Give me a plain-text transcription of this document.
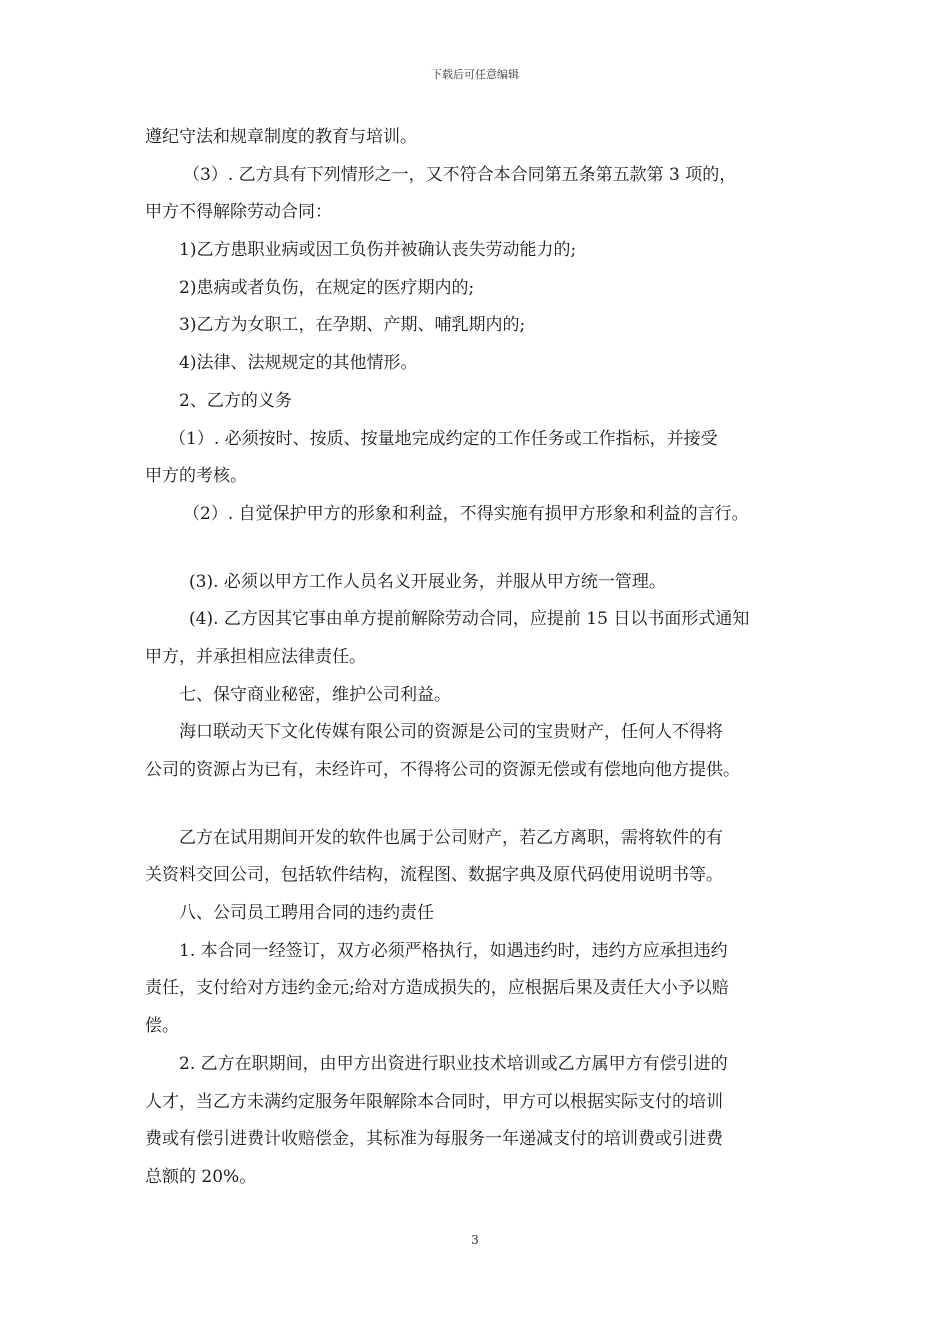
下载后可任意编辑
遵纪守法和规章制度的教育与培训。
（3）. 乙方具有下列情形之一，又不符合本合同第五条第五款第 3 项的，
甲方不得解除劳动合同：
1)乙方患职业病或因工负伤并被确认丧失劳动能力的;
2)患病或者负伤，在规定的医疗期内的;
3)乙方为女职工，在孕期、产期、哺乳期内的;
4)法律、法规规定的其他情形。
2、乙方的义务
（1）. 必须按时、按质、按量地完成约定的工作任务或工作指标，并接受
甲方的考核。
（2）. 自觉保护甲方的形象和利益，不得实施有损甲方形象和利益的言行。
(3). 必须以甲方工作人员名义开展业务，并服从甲方统一管理。
(4). 乙方因其它事由单方提前解除劳动合同，应提前 15 日以书面形式通知
甲方，并承担相应法律责任。
七、保守商业秘密，维护公司利益。
海口联动天下文化传媒有限公司的资源是公司的宝贵财产，任何人不得将
公司的资源占为已有，未经许可，不得将公司的资源无偿或有偿地向他方提供。
乙方在试用期间开发的软件也属于公司财产，若乙方离职，需将软件的有
关资料交回公司，包括软件结构，流程图、数据字典及原代码使用说明书等。
八、公司员工聘用合同的违约责任
1. 本合同一经签订，双方必须严格执行，如遇违约时，违约方应承担违约
责任，支付给对方违约金元;给对方造成损失的，应根据后果及责任大小予以赔
偿。
2. 乙方在职期间，由甲方出资进行职业技术培训或乙方属甲方有偿引进的
人才，当乙方未满约定服务年限解除本合同时，甲方可以根据实际支付的培训
费或有偿引进费计收赔偿金，其标准为每服务一年递减支付的培训费或引进费
总额的 20%。
3
